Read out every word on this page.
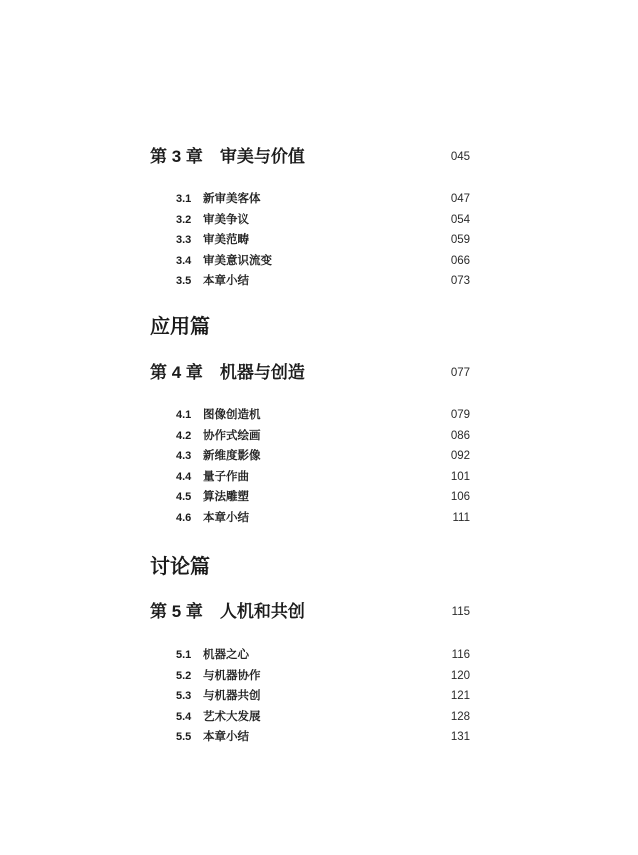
第 3 章 审美与价值	045
3.1 新审美客体	047
3.2 审美争议	054
3.3 审美范畴	059
3.4 审美意识流变	066
3.5 本章小结	073
应用篇
第 4 章 机器与创造	077
4.1 图像创造机	079
4.2 协作式绘画	086
4.3 新维度影像	092
4.4 量子作曲	101
4.5 算法雕塑	106
4.6 本章小结	111
讨论篇
第 5 章 人机和共创	115
5.1 机器之心	116
5.2 与机器协作	120
5.3 与机器共创	121
5.4 艺术大发展	128
5.5 本章小结	131
